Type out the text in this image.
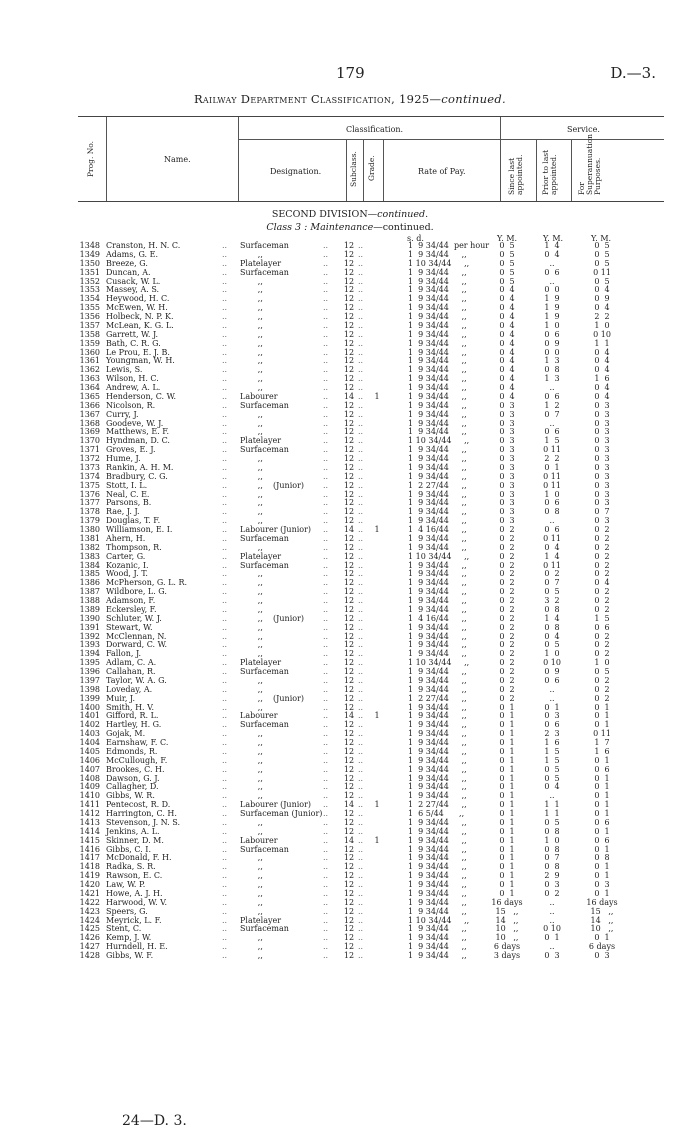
179	D.—3.
Railway Department Classification, 1925—continued.
Prog. No.	Name.
Classification.	Service.
Designation.	Subclass. Grade.	Rate of Pay.	Since last appointed. Prior to last appointed.	For Superannuation Purposes.
SECOND DIVISION—continued.
Class 3 : Maintenance—continued.
s. d.	Y. M.	Y. M.	Y. M.
1348 Cranston, H. N. C.	.. Surfaceman	..	12 ..	1  9 34/44  per hour	0  5	1  4	0  5
1349 Adams, G. E.	.. ,,	..	12 ..	1  9 34/44     ,,	0  5	0  4	0  5
1350 Breeze, G.	.. Platelayer	..	12 ..	1 10 34/44     ,,	0  5	..	0  5
1351 Duncan, A.	.. Surfaceman	..	12 ..	1  9 34/44     ,,	0  5	0  6	0 11
1352 Cusack, W. L.	.. ,,	..	12 ..	1  9 34/44     ,,	0  5	..	0  5
1353 Massey, A. S.	.. ,,	..	12 ..	1  9 34/44     ,,	0  4	0  0	0  4
1354 Heywood, H. C.	.. ,,	..	12 ..	1  9 34/44     ,,	0  4	1  9	0  9
1355 McEwen, W. H.	.. ,,	..	12 ..	1  9 34/44     ,,	0  4	1  9	0  4
1356 Holbeck, N. P. K.	.. ,,	..	12 ..	1  9 34/44     ,,	0  4	1  9	2  2
1357 McLean, K. G. L.	.. ,,	..	12 ..	1  9 34/44     ,,	0  4	1  0	1  0
1358 Garrett, W. J.	.. ,,	..	12 ..	1  9 34/44     ,,	0  4	0  6	0 10
1359 Bath, C. R. G.	.. ,,	..	12 ..	1  9 34/44     ,,	0  4	0  9	1  1
1360 Le Prou, E. J. B.	.. ,,	..	12 ..	1  9 34/44     ,,	0  4	0  0	0  4
1361 Youngman, W. H.	.. ,,	..	12 ..	1  9 34/44     ,,	0  4	1  3	0  4
1362 Lewis, S.	.. ,,	..	12 ..	1  9 34/44     ,,	0  4	0  8	0  4
1363 Wilson, H. C.	.. ,,	..	12 ..	1  9 34/44     ,,	0  4	1  3	1  6
1364 Andrew, A. L.	.. ,,	..	12 ..	1  9 34/44     ,,	0  4	..	0  4
1365 Henderson, C. W.	.. Labourer	..	14 ..	1	1  9 34/44     ,,	0  4	0  6	0  4
1366 Nicolson, R.	.. Surfaceman	..	12 ..	1  9 34/44     ,,	0  3	1  2	0  3
1367 Curry, J.	.. ,,	..	12 ..	1  9 34/44     ,,	0  3	0  7	0  3
1368 Goodeve, W. J.	.. ,,	..	12 ..	1  9 34/44     ,,	0  3	..	0  3
1369 Matthews, E. F.	.. ,,	..	12 ..	1  9 34/44     ,,	0  3	0  6	0  3
1370 Hyndman, D. C.	.. Platelayer	..	12 ..	1 10 34/44     ,,	0  3	1  5	0  3
1371 Groves, E. J.	.. Surfaceman	..	12 ..	1  9 34/44     ,,	0  3	0 11	0  3
1372 Hume, J.	.. ,,	..	12 ..	1  9 34/44     ,,	0  3	2  2	0  3
1373 Rankin, A. H. M.	.. ,,	..	12 ..	1  9 34/44     ,,	0  3	0  1	0  3
1374 Bradbury, C. G.	.. ,,	..	12 ..	1  9 34/44     ,,	0  3	0 11	0  3
1375 Stott, I. L.	.. ,,    (Junior) ..	12 ..	1  2 27/44     ,,	0  3	0 11	0  3
1376 Neal, C. E.	.. ,,	..	12 ..	1  9 34/44     ,,	0  3	1  0	0  3
1377 Parsons, B.	.. ,,	..	12 ..	1  9 34/44     ,,	0  3	0  6	0  3
1378 Rae, J. J.	.. ,,	..	12 ..	1  9 34/44     ,,	0  3	0  8	0  7
1379 Douglas, T. F.	.. ,,	..	12 ..	1  9 34/44     ,,	0  3	..	0  3
1380 Williamson, E. I.	.. Labourer (Junior) ..	14 ..	1	1  4 16/44     ,,	0  2	0  6	0  2
1381 Ahern, H.	.. Surfaceman	..	12 ..	1  9 34/44     ,,	0  2	0 11	0  2
1382 Thompson, R.	.. ,,	..	12 ..	1  9 34/44     ,,	0  2	0  4	0  2
1383 Carter, G.	.. Platelayer	..	12 ..	1 10 34/44     ,,	0  2	1  4	0  2
1384 Kozanic, I.	.. Surfaceman	..	12 ..	1  9 34/44     ,,	0  2	0 11	0  2
1385 Wood, J. T.	.. ,,	..	12 ..	1  9 34/44     ,,	0  2	0  2	0  2
1386 McPherson, G. L. R.	.. ,,	..	12 ..	1  9 34/44     ,,	0  2	0  7	0  4
1387 Wildbore, L. G.	.. ,,	..	12 ..	1  9 34/44     ,,	0  2	0  5	0  2
1388 Adamson, F.	.. ,,	..	12 ..	1  9 34/44     ,,	0  2	3  2	0  2
1389 Eckersley, F.	.. ,,	..	12 ..	1  9 34/44     ,,	0  2	0  8	0  2
1390 Schluter, W. J.	.. ,,    (Junior) ..	12 ..	1  4 16/44     ,,	0  2	1  4	1  5
1391 Stewart, W.	.. ,,	..	12 ..	1  9 34/44     ,,	0  2	0  8	0  6
1392 McClennan, N.	.. ,,	..	12 ..	1  9 34/44     ,,	0  2	0  4	0  2
1393 Dorward, C. W.	.. ,,	..	12 ..	1  9 34/44     ,,	0  2	0  5	0  2
1394 Fallon, J.	.. ,,	..	12 ..	1  9 34/44     ,,	0  2	1  0	0  2
1395 Adlam, C. A.	.. Platelayer	..	12 ..	1 10 34/44     ,,	0  2	0 10	1  0
1396 Callahan, R.	.. Surfaceman	..	12 ..	1  9 34/44     ,,	0  2	0  9	0  5
1397 Taylor, W. A. G.	.. ,,	..	12 ..	1  9 34/44     ,,	0  2	0  6	0  2
1398 Loveday, A.	.. ,,	..	12 ..	1  9 34/44     ,,	0  2	..	0  2
1399 Muir, J.	.. ,,    (Junior) ..	12 ..	1  2 27/44     ,,	0  2	..	0  2
1400 Smith, H. V.	.. ,,	..	12 ..	1  9 34/44     ,,	0  1	0  1	0  1
1401 Gifford, R. L.	.. Labourer	..	14 ..	1	1  9 34/44     ,,	0  1	0  3	0  1
1402 Hartley, H. G.	.. Surfaceman	..	12 ..	1  9 34/44     ,,	0  1	0  6	0  1
1403 Gojak, M.	.. ,,	..	12 ..	1  9 34/44     ,,	0  1	2  3	0 11
1404 Earnshaw, F. C.	.. ,,	..	12 ..	1  9 34/44     ,,	0  1	1  6	1  7
1405 Edmonds, R.	.. ,,	..	12 ..	1  9 34/44     ,,	0  1	1  5	1  6
1406 McCullough, F.	.. ,,	..	12 ..	1  9 34/44     ,,	0  1	1  5	0  1
1407 Brookes, C. H.	.. ,,	..	12 ..	1  9 34/44     ,,	0  1	0  5	0  6
1408 Dawson, G. J.	.. ,,	..	12 ..	1  9 34/44     ,,	0  1	0  5	0  1
1409 Callagher, D.	.. ,,	..	12 ..	1  9 34/44     ,,	0  1	0  4	0  1
1410 Gibbs, W. R.	.. ,,	..	12 ..	1  9 34/44     ,,	0  1	..	0  1
1411 Pentecost, R. D.	.. Labourer (Junior) ..	14 ..	1	1  2 27/44     ,,	0  1	1  1	0  1
1412 Harrington, C. H.	.. Surfaceman (Junior) ..	12 ..	1  6 5/44      ,,	0  1	1  1	0  1
1413 Stevenson, J. N. S.	.. ,,	..	12 ..	1  9 34/44     ,,	0  1	0  5	0  6
1414 Jenkins, A. L.	.. ,,	..	12 ..	1  9 34/44     ,,	0  1	0  8	0  1
1415 Skinner, D. M.	.. Labourer	..	14 ..	1	1  9 34/44     ,,	0  1	1  0	0  6
1416 Gibbs, C. I.	.. Surfaceman	..	12 ..	1  9 34/44     ,,	0  1	0  8	0  1
1417 McDonald, F. H.	.. ,,	..	12 ..	1  9 34/44     ,,	0  1	0  7	0  8
1418 Radka, S. R.	.. ,,	..	12 ..	1  9 34/44     ,,	0  1	0  8	0  1
1419 Rawson, E. C.	.. ,,	..	12 ..	1  9 34/44     ,,	0  1	2  9	0  1
1420 Law, W. P.	.. ,,	..	12 ..	1  9 34/44     ,,	0  1	0  3	0  3
1421 Howe, A. J. H.	.. ,,	..	12 ..	1  9 34/44     ,,	0  1	0  2	0  1
1422 Harwood, W. V.	.. ,,	..	12 ..	1  9 34/44     ,,	16 days	..	16 days
1423 Speers, G.	.. ,,	..	12 ..	1  9 34/44     ,,	15   ,,	..	15   ,,
1424 Meyrick, L. F.	.. Platelayer	..	12 ..	1 10 34/44     ,,	14   ,,	..	14   ,,
1425 Stent, C.	.. Surfaceman	..	12 ..	1  9 34/44     ,,	10   ,,	0 10	10   ,,
1426 Kemp, J. W.	.. ,,	..	12 ..	1  9 34/44     ,,	10   ,,	0  1	0  1
1427 Hurndell, H. E.	.. ,,	..	12 ..	1  9 34/44     ,,	6 days	..	6 days
1428 Gibbs, W. F.	.. ,,	..	12 ..	1  9 34/44     ,,	3 days	0  3	0  3
24—D. 3.
